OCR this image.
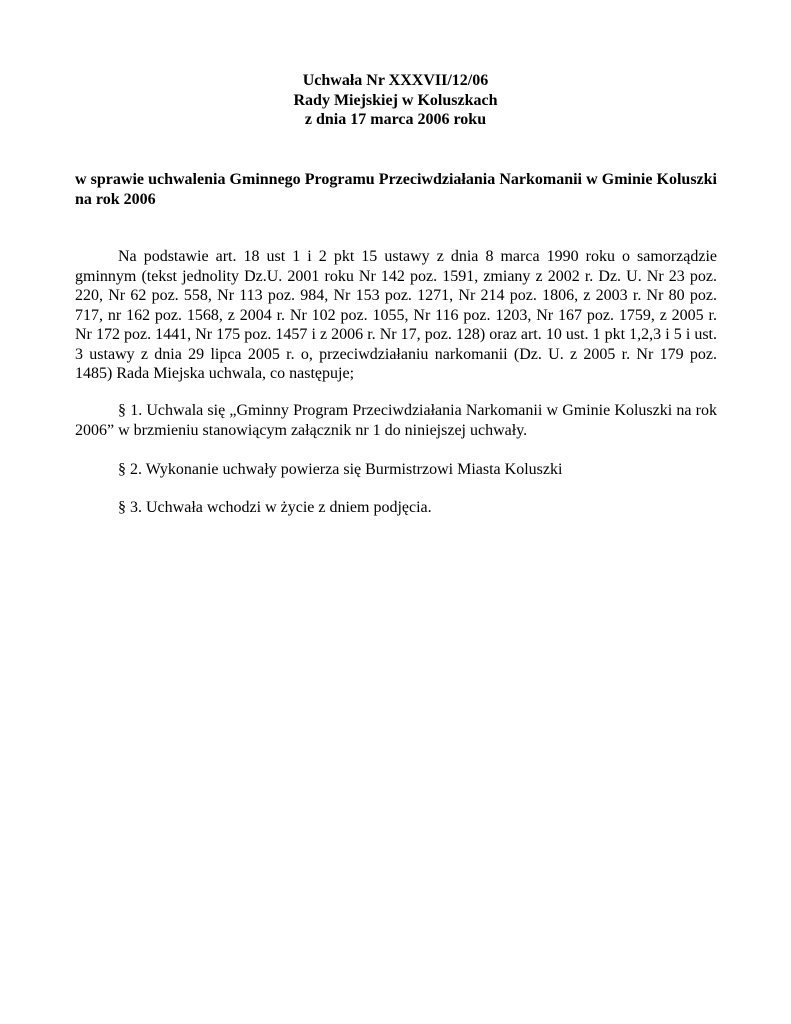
Uchwała Nr XXXVII/12/06
Rady Miejskiej w Koluszkach
z dnia 17 marca 2006 roku
w sprawie uchwalenia Gminnego Programu Przeciwdziałania Narkomanii w Gminie Koluszki na rok 2006
Na podstawie art. 18 ust 1 i 2 pkt 15 ustawy z dnia 8 marca 1990 roku o samorządzie gminnym (tekst jednolity Dz.U. 2001 roku Nr 142 poz. 1591, zmiany z 2002 r. Dz. U. Nr 23 poz. 220, Nr 62 poz. 558, Nr 113 poz. 984, Nr 153 poz. 1271, Nr 214 poz. 1806, z 2003 r. Nr 80 poz. 717, nr 162 poz. 1568, z 2004 r. Nr 102 poz. 1055, Nr 116 poz. 1203, Nr 167 poz. 1759, z 2005 r. Nr 172 poz. 1441, Nr 175 poz. 1457 i z 2006 r. Nr 17, poz. 128) oraz art. 10 ust. 1 pkt 1,2,3 i 5 i ust. 3 ustawy z dnia 29 lipca 2005 r. o, przeciwdziałaniu narkomanii (Dz. U. z 2005 r. Nr 179 poz. 1485) Rada Miejska uchwala, co następuje;
§ 1. Uchwala się „Gminny Program Przeciwdziałania Narkomanii w Gminie Koluszki na rok 2006” w brzmieniu stanowiącym załącznik nr 1 do niniejszej uchwały.
§ 2. Wykonanie uchwały powierza się Burmistrzowi Miasta Koluszki
§ 3. Uchwała wchodzi w życie z dniem podjęcia.
